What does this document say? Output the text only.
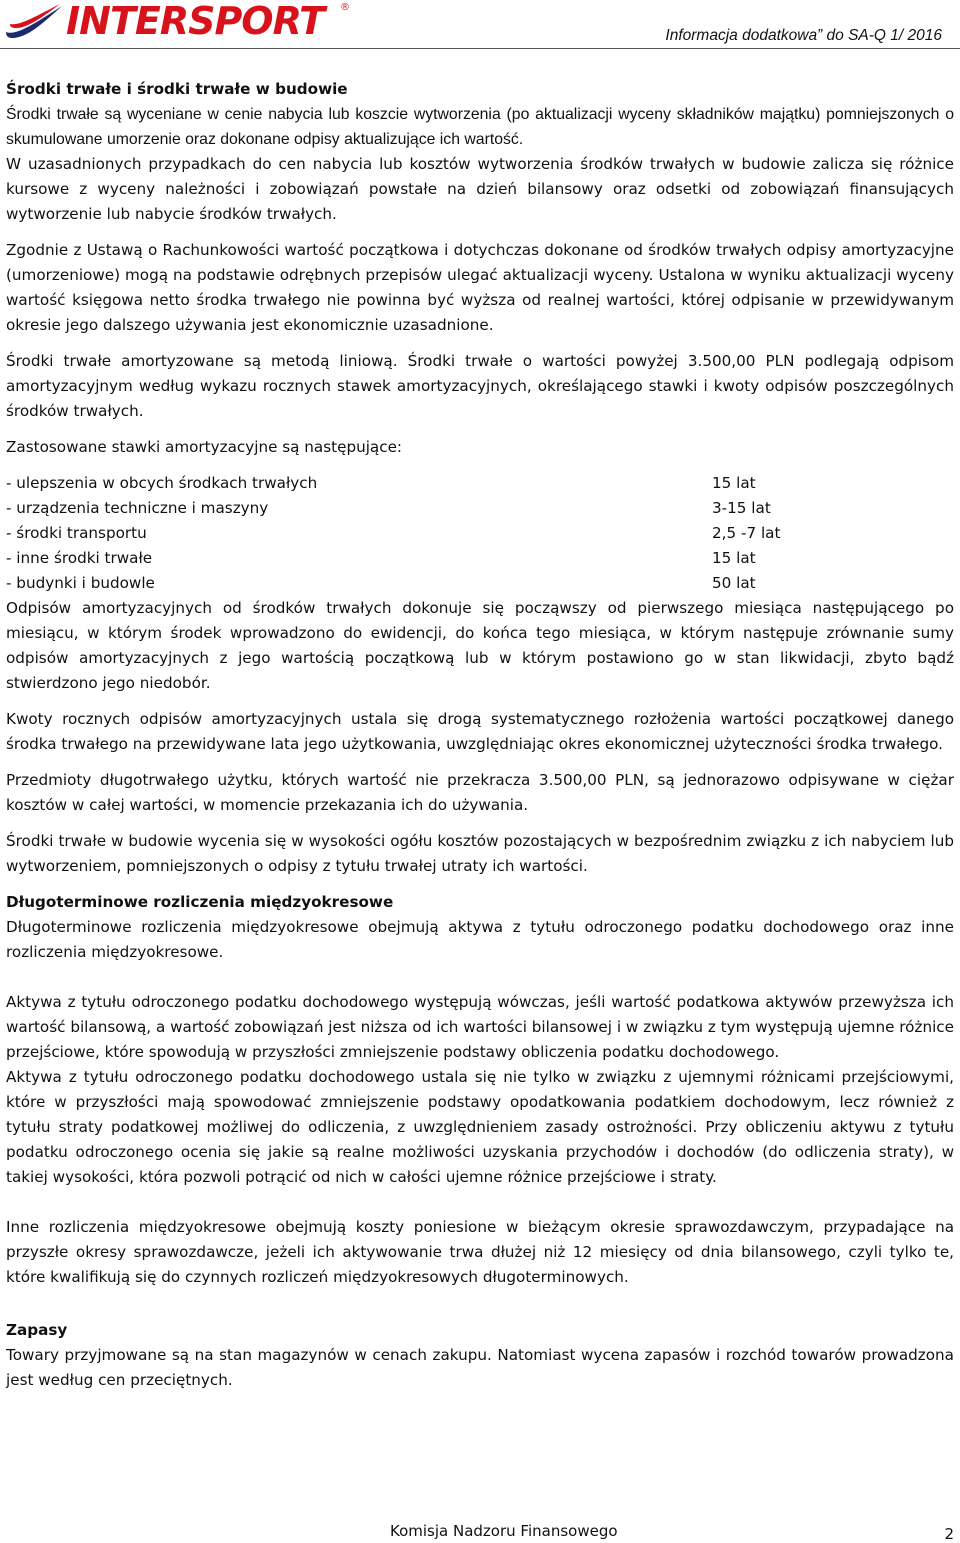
INTERSPORT ®
Informacja dodatkowa” do SA-Q 1/ 2016
Środki trwałe i środki trwałe w budowie

Środki trwałe są wyceniane w cenie nabycia lub koszcie wytworzenia (po aktualizacji wyceny składników majątku) pomniejszonych o skumulowane umorzenie oraz dokonane odpisy aktualizujące ich wartość.

W uzasadnionych przypadkach do cen nabycia lub kosztów wytworzenia środków trwałych w budowie zalicza się różnice kursowe z wyceny należności i zobowiązań powstałe na dzień bilansowy oraz odsetki od zobowiązań finansujących wytworzenie lub nabycie środków trwałych.

Zgodnie z Ustawą o Rachunkowości wartość początkowa i dotychczas dokonane od środków trwałych odpisy amortyzacyjne (umorzeniowe) mogą na podstawie odrębnych przepisów ulegać aktualizacji wyceny. Ustalona w wyniku aktualizacji wyceny wartość księgowa netto środka trwałego nie powinna być wyższa od realnej wartości, której odpisanie w przewidywanym okresie jego dalszego używania jest ekonomicznie uzasadnione.

Środki trwałe amortyzowane są metodą liniową. Środki trwałe o wartości powyżej 3.500,00 PLN podlegają odpisom amortyzacyjnym według wykazu rocznych stawek amortyzacyjnych, określającego stawki i kwoty odpisów poszczególnych środków trwałych.

Zastosowane stawki amortyzacyjne są następujące:

- ulepszenia w obcych środkach trwałych	15 lat
- urządzenia techniczne i maszyny	3-15 lat
- środki transportu	2,5 -7 lat
- inne środki trwałe	15 lat
- budynki i budowle	50 lat

Odpisów amortyzacyjnych od środków trwałych dokonuje się począwszy od pierwszego miesiąca następującego po miesiącu, w którym środek wprowadzono do ewidencji, do końca tego miesiąca, w którym następuje zrównanie sumy odpisów amortyzacyjnych z jego wartością początkową lub w którym postawiono go w stan likwidacji, zbyto bądź stwierdzono jego niedobór.

Kwoty rocznych odpisów amortyzacyjnych ustala się drogą systematycznego rozłożenia wartości początkowej danego środka trwałego na przewidywane lata jego użytkowania, uwzględniając okres ekonomicznej użyteczności środka trwałego.

Przedmioty długotrwałego użytku, których wartość nie przekracza 3.500,00 PLN, są jednorazowo odpisywane w ciężar kosztów w całej wartości, w momencie przekazania ich do używania.

Środki trwałe w budowie wycenia się w wysokości ogółu kosztów pozostających w bezpośrednim związku z ich nabyciem lub wytworzeniem, pomniejszonych o odpisy z tytułu trwałej utraty ich wartości.

Długoterminowe rozliczenia międzyokresowe

Długoterminowe rozliczenia międzyokresowe obejmują aktywa z tytułu odroczonego podatku dochodowego oraz inne rozliczenia międzyokresowe.

Aktywa z tytułu odroczonego podatku dochodowego występują wówczas, jeśli wartość podatkowa aktywów przewyższa ich wartość bilansową, a wartość zobowiązań jest niższa od ich wartości bilansowej i w związku z tym występują ujemne różnice przejściowe, które spowodują w przyszłości zmniejszenie podstawy obliczenia podatku dochodowego.

Aktywa z tytułu odroczonego podatku dochodowego ustala się nie tylko w związku z ujemnymi różnicami przejściowymi, które w przyszłości mają spowodować zmniejszenie podstawy opodatkowania podatkiem dochodowym, lecz również z tytułu straty podatkowej możliwej do odliczenia, z uwzględnieniem zasady ostrożności. Przy obliczeniu aktywu z tytułu podatku odroczonego ocenia się jakie są realne możliwości uzyskania przychodów i dochodów (do odliczenia straty), w takiej wysokości, która pozwoli potrącić od nich w całości ujemne różnice przejściowe i straty.

Inne rozliczenia międzyokresowe obejmują koszty poniesione w bieżącym okresie sprawozdawczym, przypadające na przyszłe okresy sprawozdawcze, jeżeli ich aktywowanie trwa dłużej niż 12 miesięcy od dnia bilansowego, czyli tylko te, które kwalifikują się do czynnych rozliczeń międzyokresowych długoterminowych.

Zapasy

Towary przyjmowane są na stan magazynów w cenach zakupu. Natomiast wycena zapasów i rozchód towarów prowadzona jest według cen przeciętnych.

Komisja Nadzoru Finansowego	2
